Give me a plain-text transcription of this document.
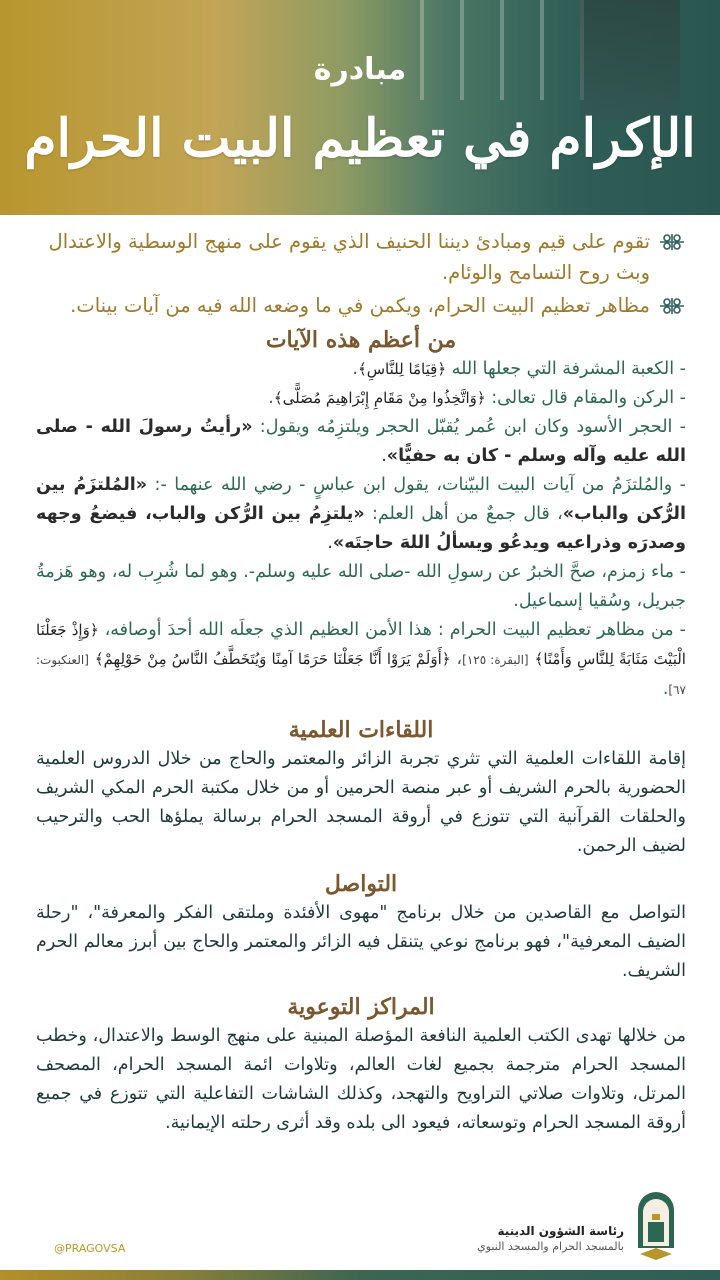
مبادرة
الإكرام في تعظيم البيت الحرام
تقوم على قيم ومبادئ ديننا الحنيف الذي يقوم على منهج الوسطية والاعتدال وبث روح التسامح والوئام.
مظاهر تعظيم البيت الحرام، ويكمن في ما وضعه الله فيه من آيات بينات.
من أعظم هذه الآيات
- الكعبة المشرفة التي جعلها الله ﴿قِيَامًا لِلنَّاسِ﴾.
- الركن والمقام قال تعالى: ﴿وَاتَّخِذُوا مِنْ مَقَامِ إِبْرَاهِيمَ مُصَلًّى﴾.
- الحجر الأسود وكان ابن عُمر يُقبّل الحجر ويلتزِمُه ويقول: «رأيتُ رسولَ الله - صلى الله عليه وآله وسلم - كان به حفيًّا».
- والمُلتزَمُ من آيات البيت البيّنات، يقول ابن عباسٍ - رضي الله عنهما -: «المُلتزَمُ بين الرُّكن والباب»، قال جمعٌ من أهل العلم: «يلتزِمُ بين الرُّكن والباب، فيضعُ وجهه وصدرَه وذراعيه ويدعُو ويسألُ اللهَ حاجتَه».
- ماء زمزم، صحَّ الخبرُ عن رسولِ الله -صلى الله عليه وسلم-. وهو لما شُرِب له، وهو هَزمةُ جبريل، وسُقيا إسماعيل.
- من مظاهر تعظيم البيت الحرام : هذا الأمن العظيم الذي جعلَه الله أحدَ أوصافه، ﴿وَإِذْ جَعَلْنَا الْبَيْتَ مَثَابَةً لِلنَّاسِ وَأَمْنًا﴾ [البقرة: ١٢٥]، ﴿أَوَلَمْ يَرَوْا أَنَّا جَعَلْنَا حَرَمًا آمِنًا وَيُتَخَطَّفُ النَّاسُ مِنْ حَوْلِهِمْ﴾ [العنكبوت: ٦٧].
اللقاءات العلمية
إقامة اللقاءات العلمية التي تثري تجربة الزائر والمعتمر والحاج من خلال الدروس العلمية الحضورية بالحرم الشريف أو عبر منصة الحرمين أو من خلال مكتبة الحرم المكي الشريف والحلقات القرآنية التي تتوزع في أروقة المسجد الحرام برسالة يملؤها الحب والترحيب لضيف الرحمن.
التواصل
التواصل مع القاصدين من خلال برنامج "مهوى الأفئدة وملتقى الفكر والمعرفة"، "رحلة الضيف المعرفية"، فهو برنامج نوعي يتنقل فيه الزائر والمعتمر والحاج بين أبرز معالم الحرم الشريف.
المراكز التوعوية
من خلالها تهدى الكتب العلمية النافعة المؤصلة المبنية على منهج الوسط والاعتدال، وخطب المسجد الحرام مترجمة بجميع لغات العالم، وتلاوات ائمة المسجد الحرام، المصحف المرتل، وتلاوات صلاتي التراويح والتهجد، وكذلك الشاشات التفاعلية التي تتوزع في جميع أروقة المسجد الحرام وتوسعاته، فيعود الى بلده وقد أثرى رحلته الإيمانية.
رئاسة الشؤون الدينية
بالمسجد الحرام والمسجد النبوي
@PRAGOVSA
